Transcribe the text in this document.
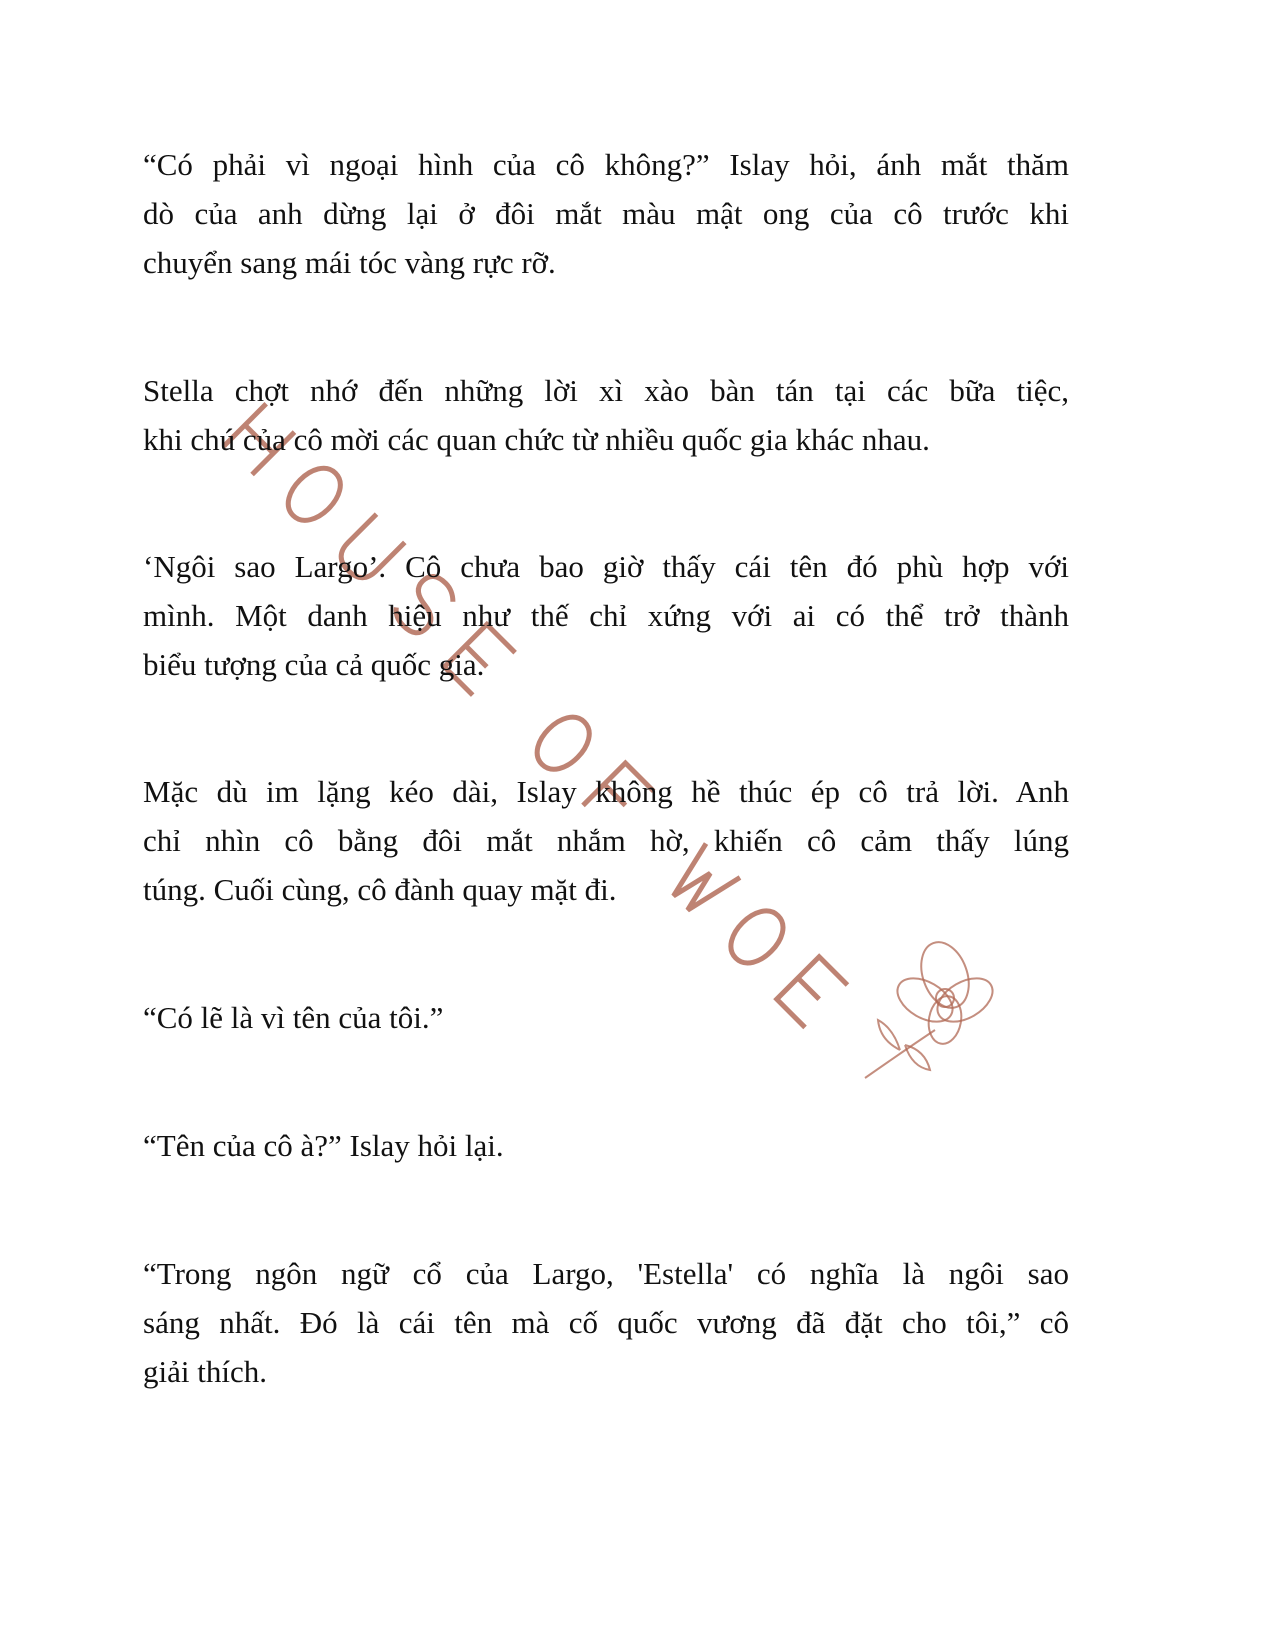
“Có phải vì ngoại hình của cô không?” Islay hỏi, ánh mắt thăm
dò của anh dừng lại ở đôi mắt màu mật ong của cô trước khi
chuyển sang mái tóc vàng rực rỡ.
Stella chợt nhớ đến những lời xì xào bàn tán tại các bữa tiệc,
khi chú của cô mời các quan chức từ nhiều quốc gia khác nhau.
‘Ngôi sao Largo’. Cô chưa bao giờ thấy cái tên đó phù hợp với
mình. Một danh hiệu như thế chỉ xứng với ai có thể trở thành
biểu tượng của cả quốc gia.
Mặc dù im lặng kéo dài, Islay không hề thúc ép cô trả lời. Anh
chỉ nhìn cô bằng đôi mắt nhắm hờ, khiến cô cảm thấy lúng
túng. Cuối cùng, cô đành quay mặt đi.
“Có lẽ là vì tên của tôi.”
“Tên của cô à?” Islay hỏi lại.
“Trong ngôn ngữ cổ của Largo, 'Estella' có nghĩa là ngôi sao
sáng nhất. Đó là cái tên mà cố quốc vương đã đặt cho tôi,” cô
giải thích.
